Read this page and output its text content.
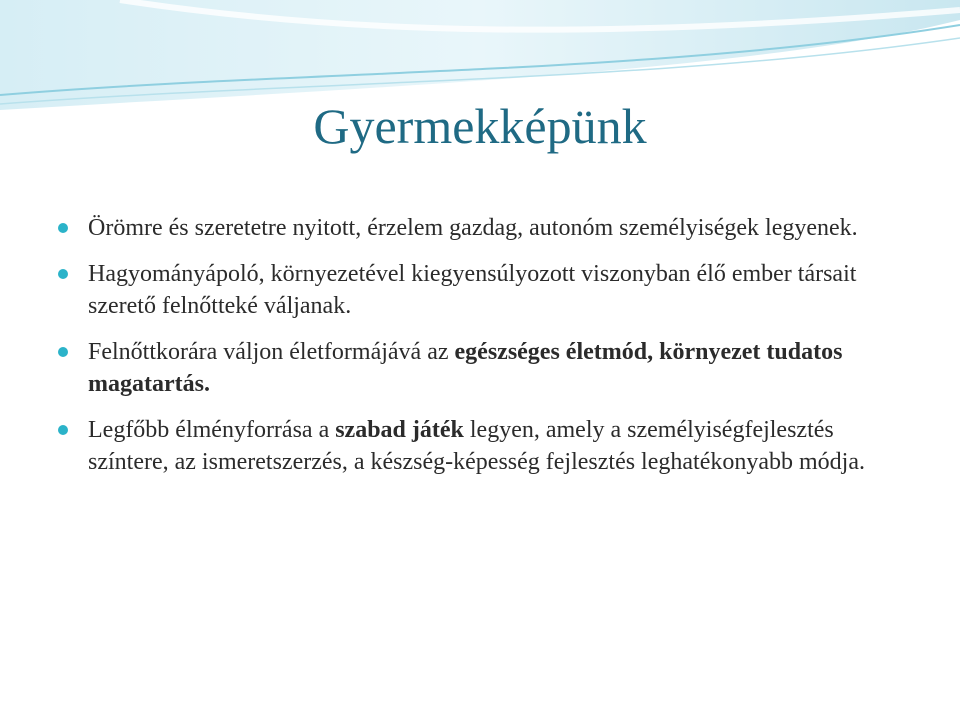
Gyermekképünk
Örömre és szeretetre nyitott, érzelem gazdag, autonóm személyiségek legyenek.
Hagyományápoló, környezetével kiegyensúlyozott viszonyban élő ember társait szerető felnőtteké váljanak.
Felnőttkorára váljon életformájává az egészséges életmód, környezet tudatos magatartás.
Legfőbb élményforrása a szabad játék legyen, amely a személyiségfejlesztés színtere, az ismeretszerzés, a készség-képesség fejlesztés leghatékonyabb módja.
